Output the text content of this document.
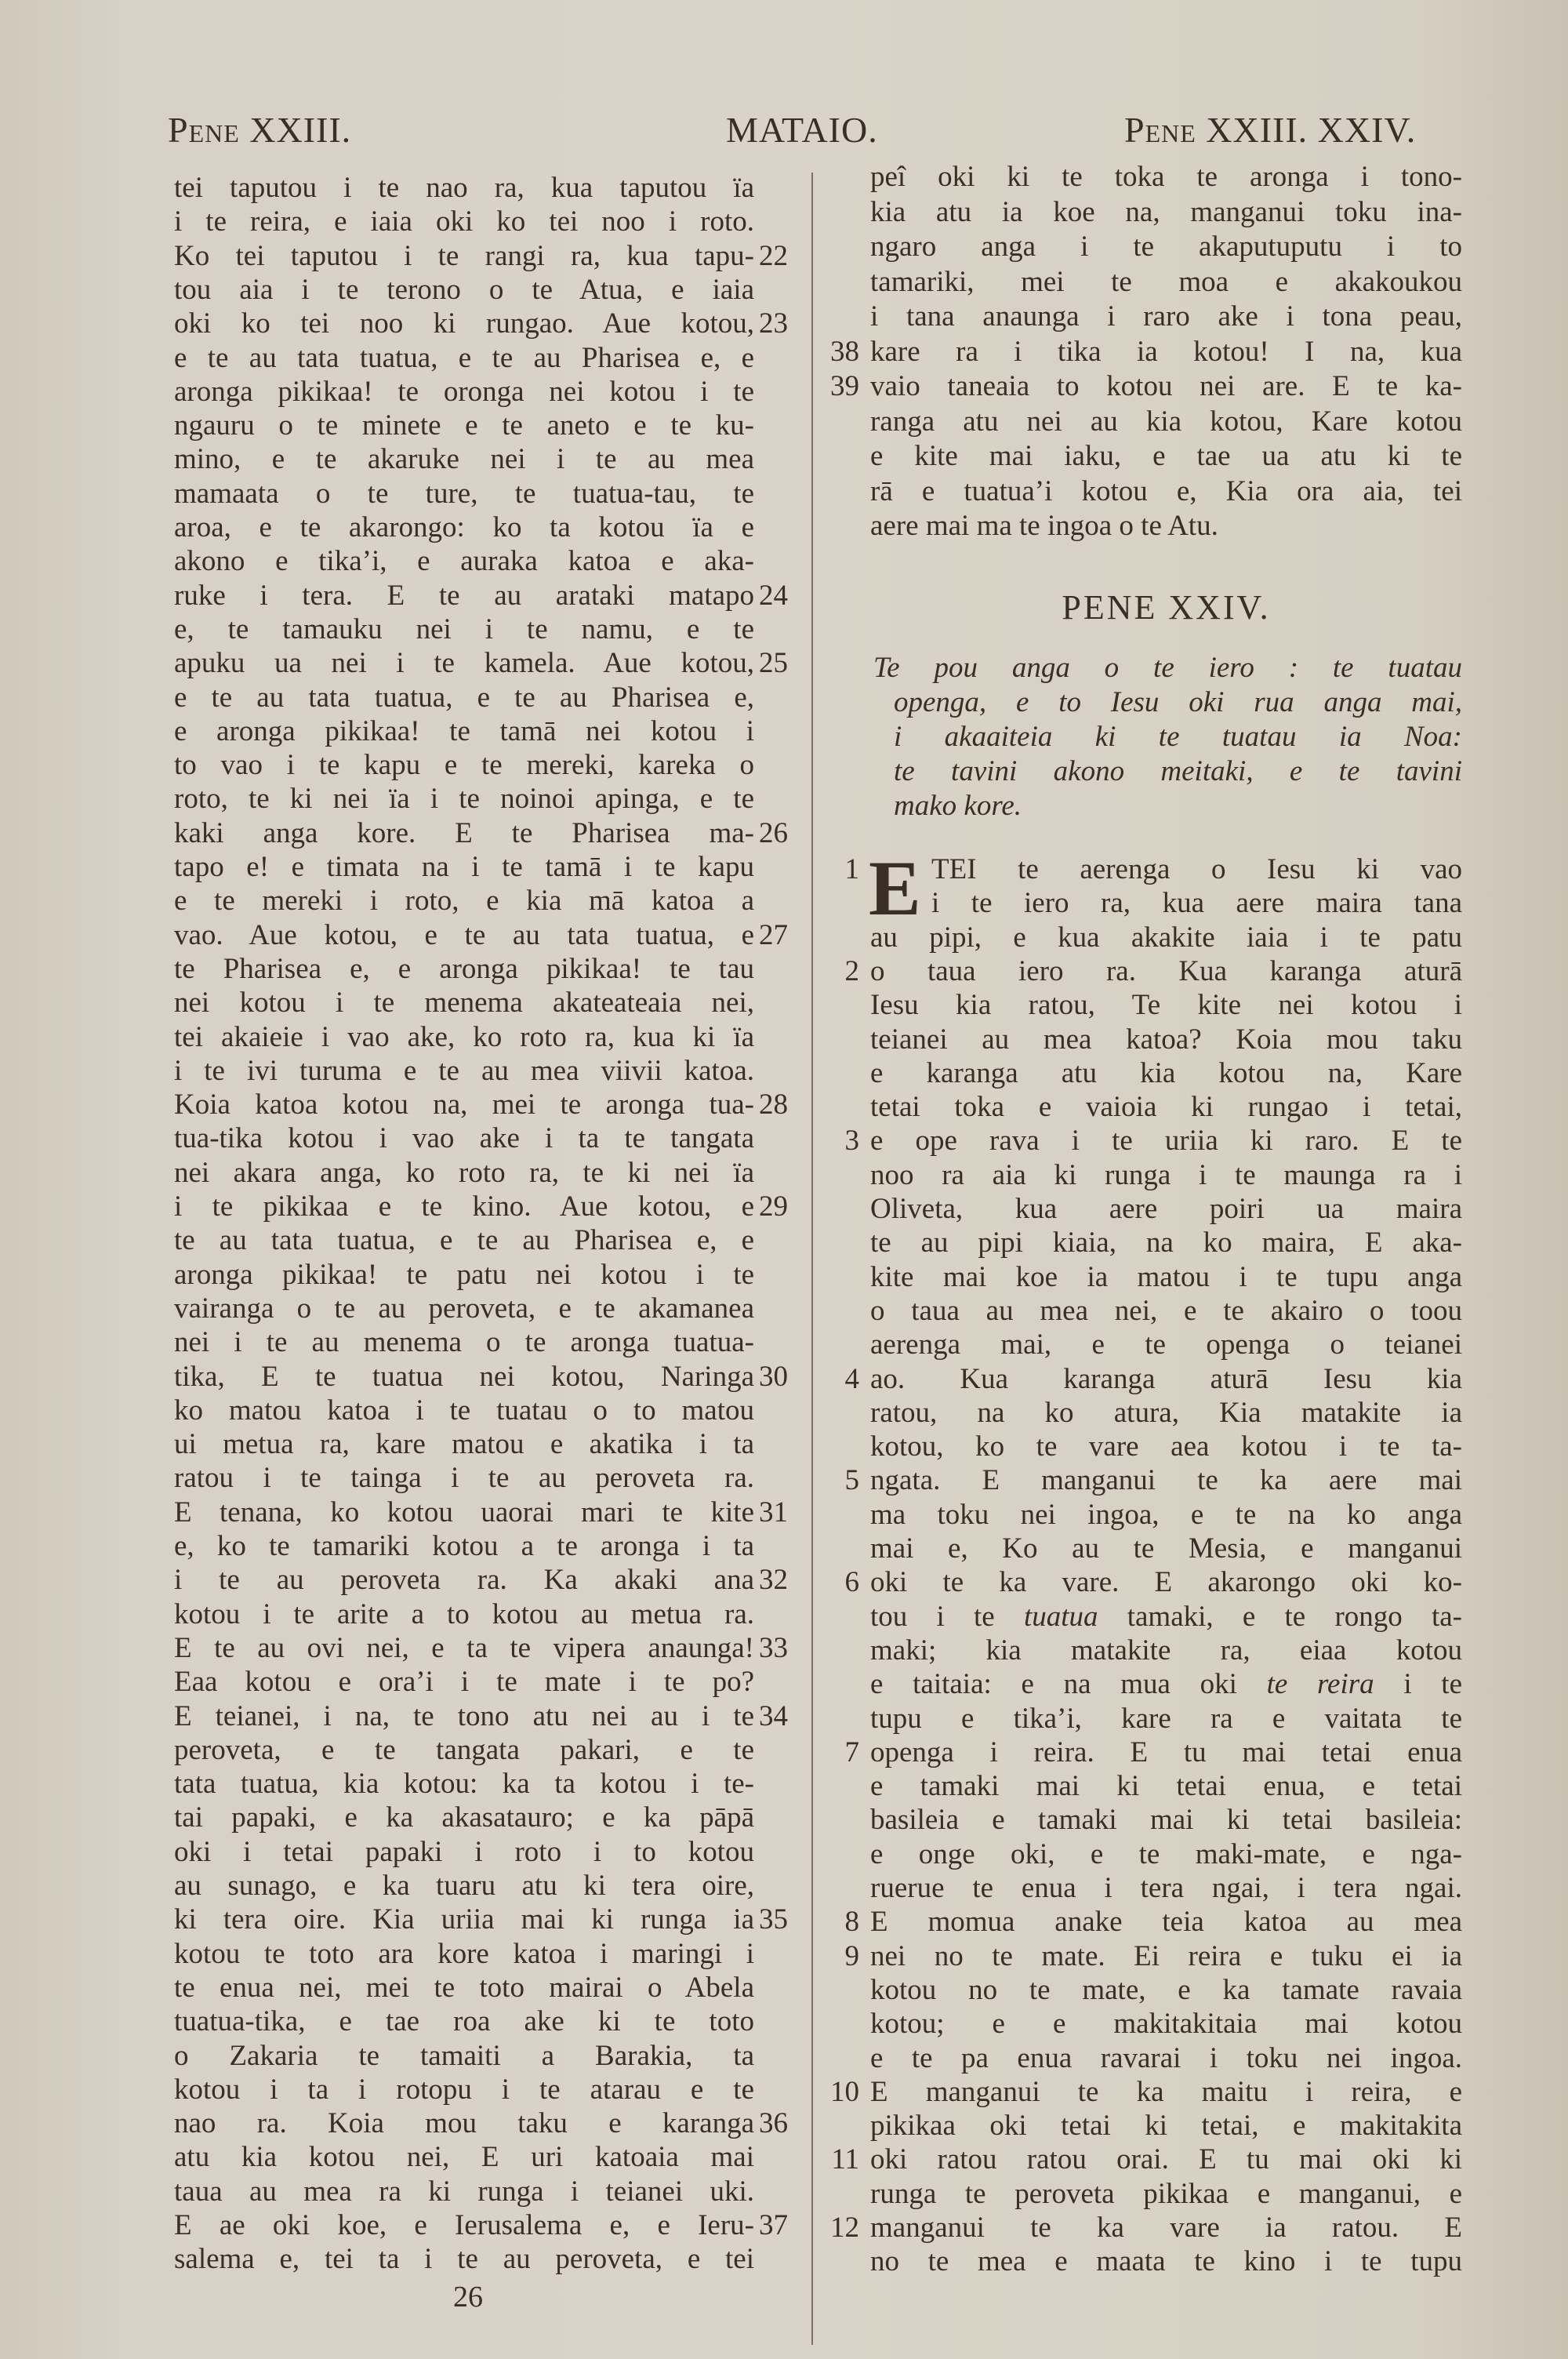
Pene XXIII.	MATAIO.	Pene XXIII. XXIV.
tei taputou i te nao ra, kua taputou ïa
i te reira, e iaia oki ko tei noo i roto.
Ko tei taputou i te rangi ra, kua tapu- 22
tou aia i te terono o te Atua, e iaia
oki ko tei noo ki rungao. Aue kotou, 23
e te au tata tuatua, e te au Pharisea e, e
aronga pikikaa! te oronga nei kotou i te
ngauru o te minete e te aneto e te ku-
mino, e te akaruke nei i te au mea
mamaata o te ture, te tuatua-tau, te
aroa, e te akarongo: ko ta kotou ïa e
akono e tika’i, e auraka katoa e aka-
ruke i tera. E te au arataki matapo 24
e, te tamauku nei i te namu, e te
apuku ua nei i te kamela. Aue kotou, 25
e te au tata tuatua, e te au Pharisea e,
e aronga pikikaa! te tamā nei kotou i
to vao i te kapu e te mereki, kareka o
roto, te ki nei ïa i te noinoi apinga, e te
kaki anga kore. E te Pharisea ma- 26
tapo e! e timata na i te tamā i te kapu
e te mereki i roto, e kia mā katoa a
vao. Aue kotou, e te au tata tuatua, e 27
te Pharisea e, e aronga pikikaa! te tau
nei kotou i te menema akateateaia nei,
tei akaieie i vao ake, ko roto ra, kua ki ïa
i te ivi turuma e te au mea viivii katoa.
Koia katoa kotou na, mei te aronga tua- 28
tua-tika kotou i vao ake i ta te tangata
nei akara anga, ko roto ra, te ki nei ïa
i te pikikaa e te kino. Aue kotou, e 29
te au tata tuatua, e te au Pharisea e, e
aronga pikikaa! te patu nei kotou i te
vairanga o te au peroveta, e te akamanea
nei i te au menema o te aronga tuatua-
tika, E te tuatua nei kotou, Naringa 30
ko matou katoa i te tuatau o to matou
ui metua ra, kare matou e akatika i ta
ratou i te tainga i te au peroveta ra.
E tenana, ko kotou uaorai mari te kite 31
e, ko te tamariki kotou a te aronga i ta
i te au peroveta ra. Ka akaki ana 32
kotou i te arite a to kotou au metua ra.
E te au ovi nei, e ta te vipera anaunga! 33
Eaa kotou e ora’i i te mate i te po?
E teianei, i na, te tono atu nei au i te 34
peroveta, e te tangata pakari, e te
tata tuatua, kia kotou: ka ta kotou i te-
tai papaki, e ka akasatauro; e ka pāpā
oki i tetai papaki i roto i to kotou
au sunago, e ka tuaru atu ki tera oire,
ki tera oire. Kia uriia mai ki runga ia 35
kotou te toto ara kore katoa i maringi i
te enua nei, mei te toto mairai o Abela
tuatua-tika, e tae roa ake ki te toto
o Zakaria te tamaiti a Barakia, ta
kotou i ta i rotopu i te atarau e te
nao ra. Koia mou taku e karanga 36
atu kia kotou nei, E uri katoaia mai
taua au mea ra ki runga i teianei uki.
E ae oki koe, e Ierusalema e, e Ieru- 37
salema e, tei ta i te au peroveta, e tei
PENE XXIV.
E
peî oki ki te toka te aronga i tono-
kia atu ia koe na, manganui toku ina-
ngaro anga i te akaputuputu i to
tamariki, mei te moa e akakoukou
i tana anaunga i raro ake i tona peau,
kare ra i tika ia kotou! I na, kua
38
vaio taneaia to kotou nei are. E te ka-
39
ranga atu nei au kia kotou, Kare kotou
e kite mai iaku, e tae ua atu ki te
rā e tuatua’i kotou e, Kia ora aia, tei
aere mai ma te ingoa o te Atu.
Te pou anga o te iero : te tuatau
openga, e to Iesu oki rua anga mai,
i akaaiteia ki te tuatau ia Noa:
te tavini akono meitaki, e te tavini
mako kore.
TEI te aerenga o Iesu ki vao
1
i te iero ra, kua aere maira tana
au pipi, e kua akakite iaia i te patu
o taua iero ra. Kua karanga aturā
2
Iesu kia ratou, Te kite nei kotou i
teianei au mea katoa? Koia mou taku
e karanga atu kia kotou na, Kare
tetai toka e vaioia ki rungao i tetai,
e ope rava i te uriia ki raro. E te
3
noo ra aia ki runga i te maunga ra i
Oliveta, kua aere poiri ua maira
te au pipi kiaia, na ko maira, E aka-
kite mai koe ia matou i te tupu anga
o taua au mea nei, e te akairo o toou
aerenga mai, e te openga o teianei
ao. Kua karanga aturā Iesu kia
4
ratou, na ko atura, Kia matakite ia
kotou, ko te vare aea kotou i te ta-
ngata. E manganui te ka aere mai
5
ma toku nei ingoa, e te na ko anga
mai e, Ko au te Mesia, e manganui
oki te ka vare. E akarongo oki ko-
6
tou i te tuatua tamaki, e te rongo ta-
maki; kia matakite ra, eiaa kotou
e taitaia: e na mua oki te reira i te
tupu e tika’i, kare ra e vaitata te
openga i reira. E tu mai tetai enua
7
e tamaki mai ki tetai enua, e tetai
basileia e tamaki mai ki tetai basileia:
e onge oki, e te maki-mate, e nga-
ruerue te enua i tera ngai, i tera ngai.
E momua anake teia katoa au mea
8
nei no te mate. Ei reira e tuku ei ia
9
kotou no te mate, e ka tamate ravaia
kotou; e e makitakitaia mai kotou
e te pa enua ravarai i toku nei ingoa.
E manganui te ka maitu i reira, e
10
pikikaa oki tetai ki tetai, e makitakita
oki ratou ratou orai. E tu mai oki ki
11
runga te peroveta pikikaa e manganui, e
manganui te ka vare ia ratou. E
12
no te mea e maata te kino i te tupu
26
